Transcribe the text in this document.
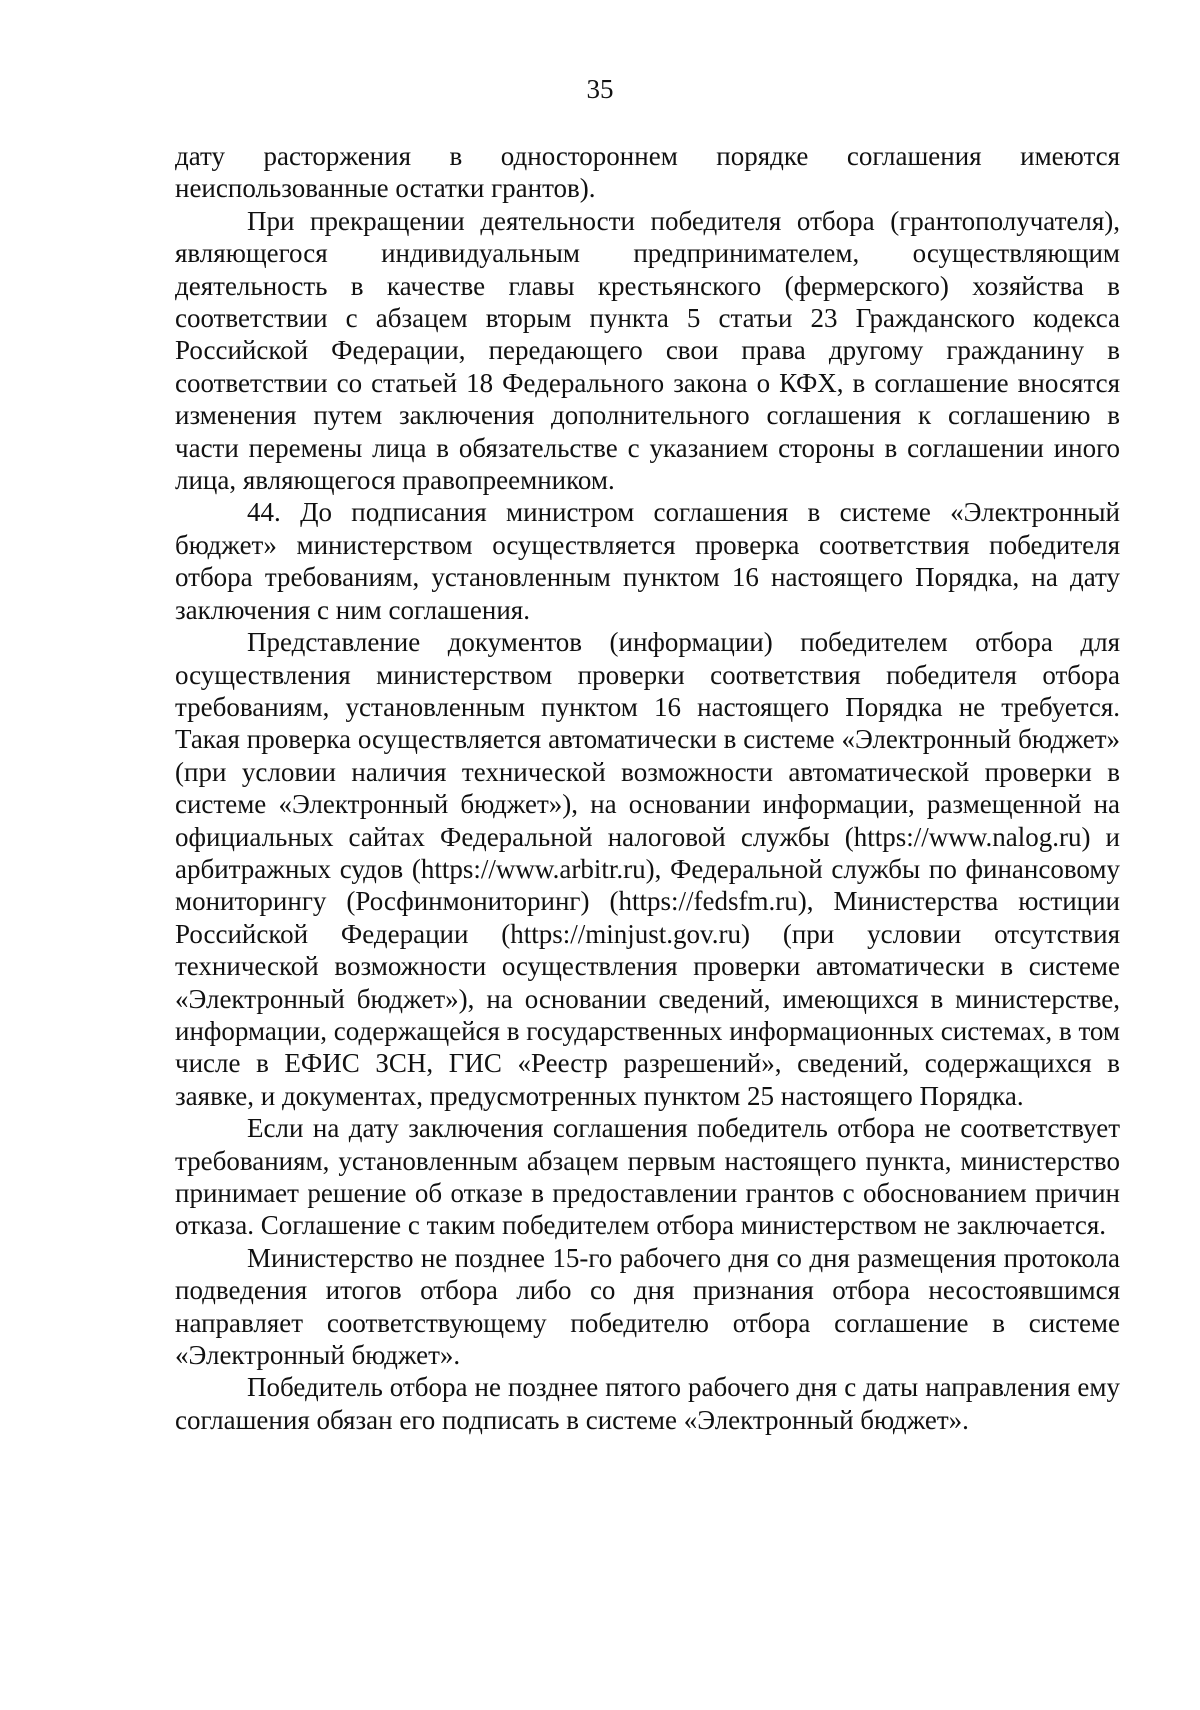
35

дату расторжения в одностороннем порядке соглашения имеются неиспользованные остатки грантов).

При прекращении деятельности победителя отбора (грантополучателя), являющегося индивидуальным предпринимателем, осуществляющим деятельность в качестве главы крестьянского (фермерского) хозяйства в соответствии с абзацем вторым пункта 5 статьи 23 Гражданского кодекса Российской Федерации, передающего свои права другому гражданину в соответствии со статьей 18 Федерального закона о КФХ, в соглашение вносятся изменения путем заключения дополнительного соглашения к соглашению в части перемены лица в обязательстве с указанием стороны в соглашении иного лица, являющегося правопреемником.

44. До подписания министром соглашения в системе «Электронный бюджет» министерством осуществляется проверка соответствия победителя отбора требованиям, установленным пунктом 16 настоящего Порядка, на дату заключения с ним соглашения.

Представление документов (информации) победителем отбора для осуществления министерством проверки соответствия победителя отбора требованиям, установленным пунктом 16 настоящего Порядка не требуется. Такая проверка осуществляется автоматически в системе «Электронный бюджет» (при условии наличия технической возможности автоматической проверки в системе «Электронный бюджет»), на основании информации, размещенной на официальных сайтах Федеральной налоговой службы (https://www.nalog.ru) и арбитражных судов (https://www.arbitr.ru), Федеральной службы по финансовому мониторингу (Росфинмониторинг) (https://fedsfm.ru), Министерства юстиции Российской Федерации (https://minjust.gov.ru) (при условии отсутствия технической возможности осуществления проверки автоматически в системе «Электронный бюджет»), на основании сведений, имеющихся в министерстве, информации, содержащейся в государственных информационных системах, в том числе в ЕФИС ЗСН, ГИС «Реестр разрешений», сведений, содержащихся в заявке, и документах, предусмотренных пунктом 25 настоящего Порядка.

Если на дату заключения соглашения победитель отбора не соответствует требованиям, установленным абзацем первым настоящего пункта, министерство принимает решение об отказе в предоставлении грантов с обоснованием причин отказа. Соглашение с таким победителем отбора министерством не заключается.

Министерство не позднее 15-го рабочего дня со дня размещения протокола подведения итогов отбора либо со дня признания отбора несостоявшимся направляет соответствующему победителю отбора соглашение в системе «Электронный бюджет».

Победитель отбора не позднее пятого рабочего дня с даты направления ему соглашения обязан его подписать в системе «Электронный бюджет».
